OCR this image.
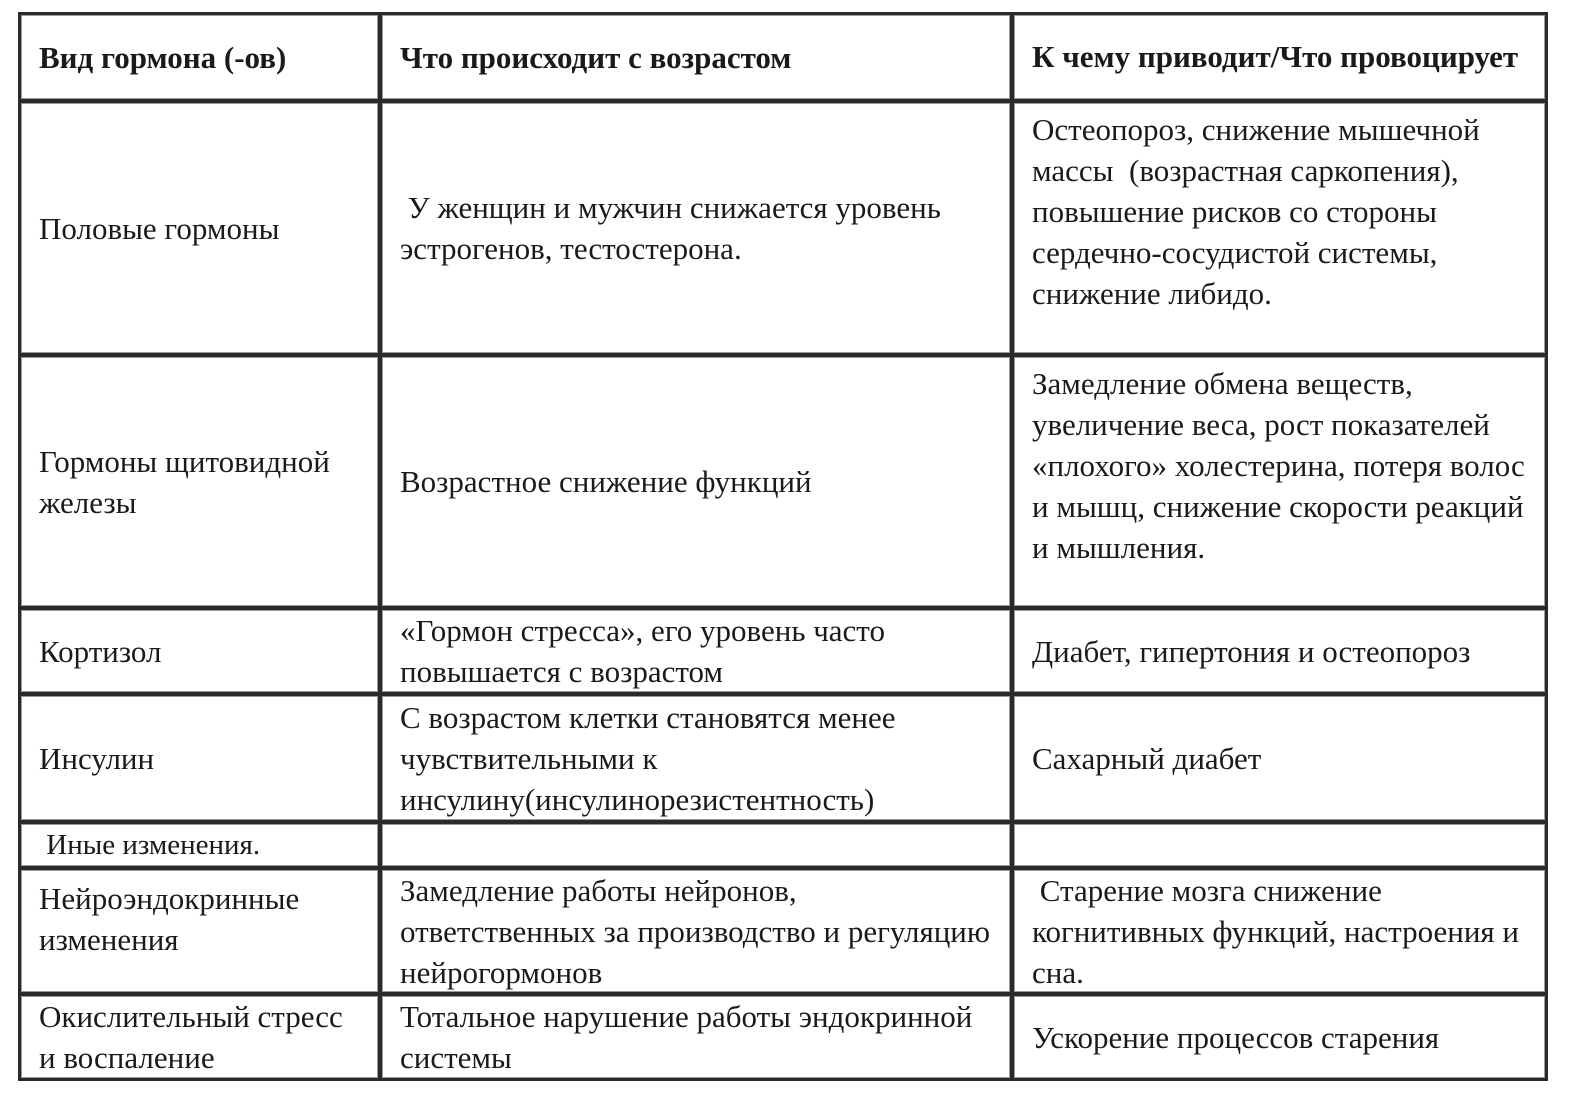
Вид гормона (-ов)	Что происходит с возрастом	К чему приводит/Что провоцирует
Половые гормоны
У женщин и мужчин снижается уровень эстрогенов, тестостерона.
Остеопороз, снижение мышечной массы  (возрастная саркопения), повышение рисков со стороны сердечно-сосудистой системы, снижение либидо.
Гормоны щитовидной железы
Возрастное снижение функций
Замедление обмена веществ,  увеличение веса, рост показателей «плохого» холестерина, потеря волос и мышц, снижение скорости реакций и мышления.
Кортизол
«Гормон стресса», его уровень часто повышается с возрастом
Диабет, гипертония и остеопороз
Инсулин
С возрастом клетки становятся менее чувствительными к инсулину(инсулинорезистентность)
Сахарный диабет
Иные изменения.
Нейроэндокринные изменения
Замедление работы нейронов, ответственных за производство и регуляцию нейрогормонов
Старение мозга снижение когнитивных функций, настроения и сна.
Окислительный стресс и воспаление
Тотальное нарушение работы эндокринной системы
Ускорение процессов старения
